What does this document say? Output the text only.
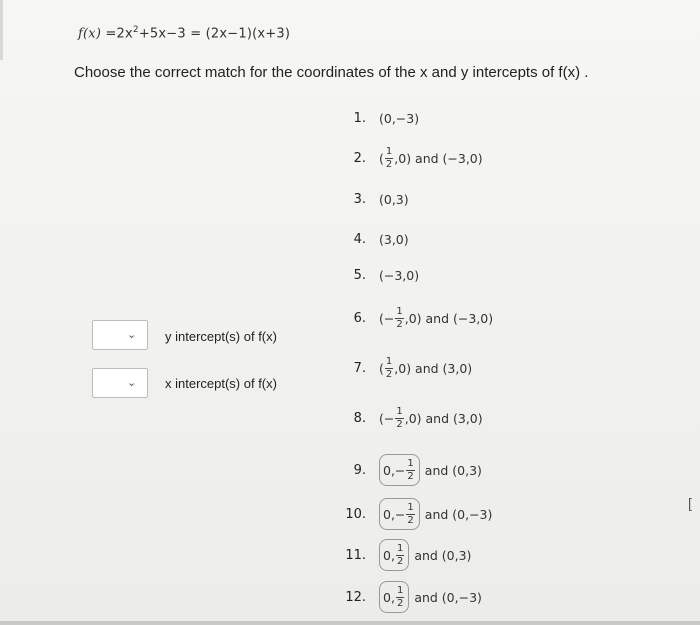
$f(x) =2x^2+5x-3 = (2x-1)(x+3)$
Choose the correct match for the coordinates of the x and y intercepts of f(x) .
1. (0,−3)
2. ( $\frac{1}{2} ,0$) and (−3,0)
3. (0,3)
4. (3,0)
5. (−3,0)
6. (− $\frac{1}{2} ,0$) and (−3,0)
7. ( $\frac{1}{2} ,0$) and (3,0)
8. (− $\frac{1}{2} ,0$) and (3,0)
9. $0,- \frac{1}{2}$ and (0,3)
10. $0,- \frac{1}{2}$ and (0,−3)
11. 0, $\frac{1}{2}$ and (0,3)
12. 0, $\frac{1}{2}$ and (0,−3)
⌄ y intercept(s) of f(x)
⌄ x intercept(s) of f(x)
[
